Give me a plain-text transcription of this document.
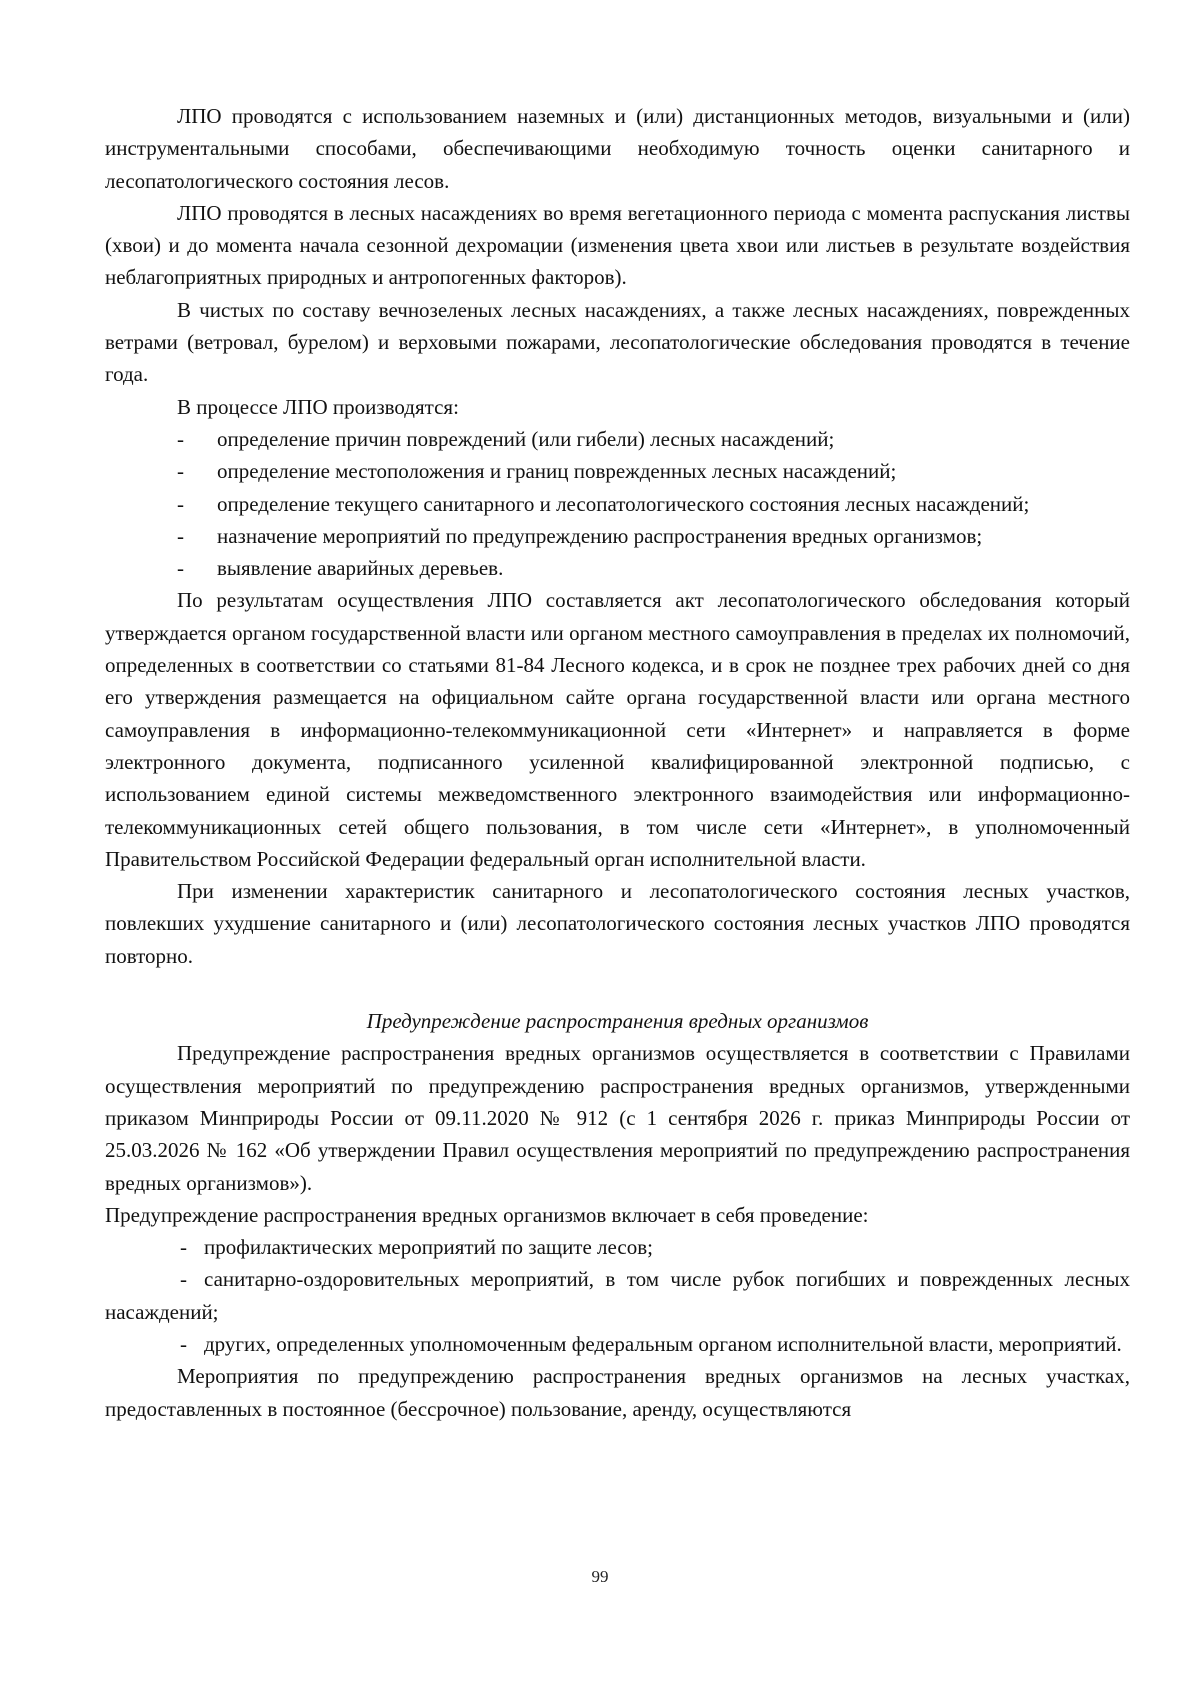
ЛПО проводятся с использованием наземных и (или) дистанционных методов, визуальными и (или) инструментальными способами, обеспечивающими необходимую точность оценки санитарного и лесопатологического состояния лесов.

ЛПО проводятся в лесных насаждениях во время вегетационного периода с момента распускания листвы (хвои) и до момента начала сезонной дехромации (изменения цвета хвои или листьев в результате воздействия неблагоприятных природных и антропогенных факторов).

В чистых по составу вечнозеленых лесных насаждениях, а также лесных насаждениях, поврежденных ветрами (ветровал, бурелом) и верховыми пожарами, лесопатологические обследования проводятся в течение года.

В процессе ЛПО производятся:

- определение причин повреждений (или гибели) лесных насаждений;

- определение местоположения и границ поврежденных лесных насаждений;

- определение текущего санитарного и лесопатологического состояния лесных насаждений;

- назначение мероприятий по предупреждению распространения вредных организмов;

- выявление аварийных деревьев.

По результатам осуществления ЛПО составляется акт лесопатологического обследования который утверждается органом государственной власти или органом местного самоуправления в пределах их полномочий, определенных в соответствии со статьями 81-84 Лесного кодекса, и в срок не позднее трех рабочих дней со дня его утверждения размещается на официальном сайте органа государственной власти или органа местного самоуправления в информационно-телекоммуникационной сети «Интернет» и направляется в форме электронного документа, подписанного усиленной квалифицированной электронной подписью, с использованием единой системы межведомственного электронного взаимодействия или информационно-телекоммуникационных сетей общего пользования, в том числе сети «Интернет», в уполномоченный Правительством Российской Федерации федеральный орган исполнительной власти.

При изменении характеристик санитарного и лесопатологического состояния лесных участков, повлекших ухудшение санитарного и (или) лесопатологического состояния лесных участков ЛПО проводятся повторно.

Предупреждение распространения вредных организмов

Предупреждение распространения вредных организмов осуществляется в соответствии с Правилами осуществления мероприятий по предупреждению распространения вредных организмов, утвержденными приказом Минприроды России от 09.11.2020 № 912 (с 1 сентября 2026 г. приказ Минприроды России от 25.03.2026 № 162 «Об утверждении Правил осуществления мероприятий по предупреждению распространения вредных организмов»).

Предупреждение распространения вредных организмов включает в себя проведение:

- профилактических мероприятий по защите лесов;

- санитарно-оздоровительных мероприятий, в том числе рубок погибших и поврежденных лесных насаждений;

- других, определенных уполномоченным федеральным органом исполнительной власти, мероприятий.

Мероприятия по предупреждению распространения вредных организмов на лесных участках, предоставленных в постоянное (бессрочное) пользование, аренду, осуществляются

99
